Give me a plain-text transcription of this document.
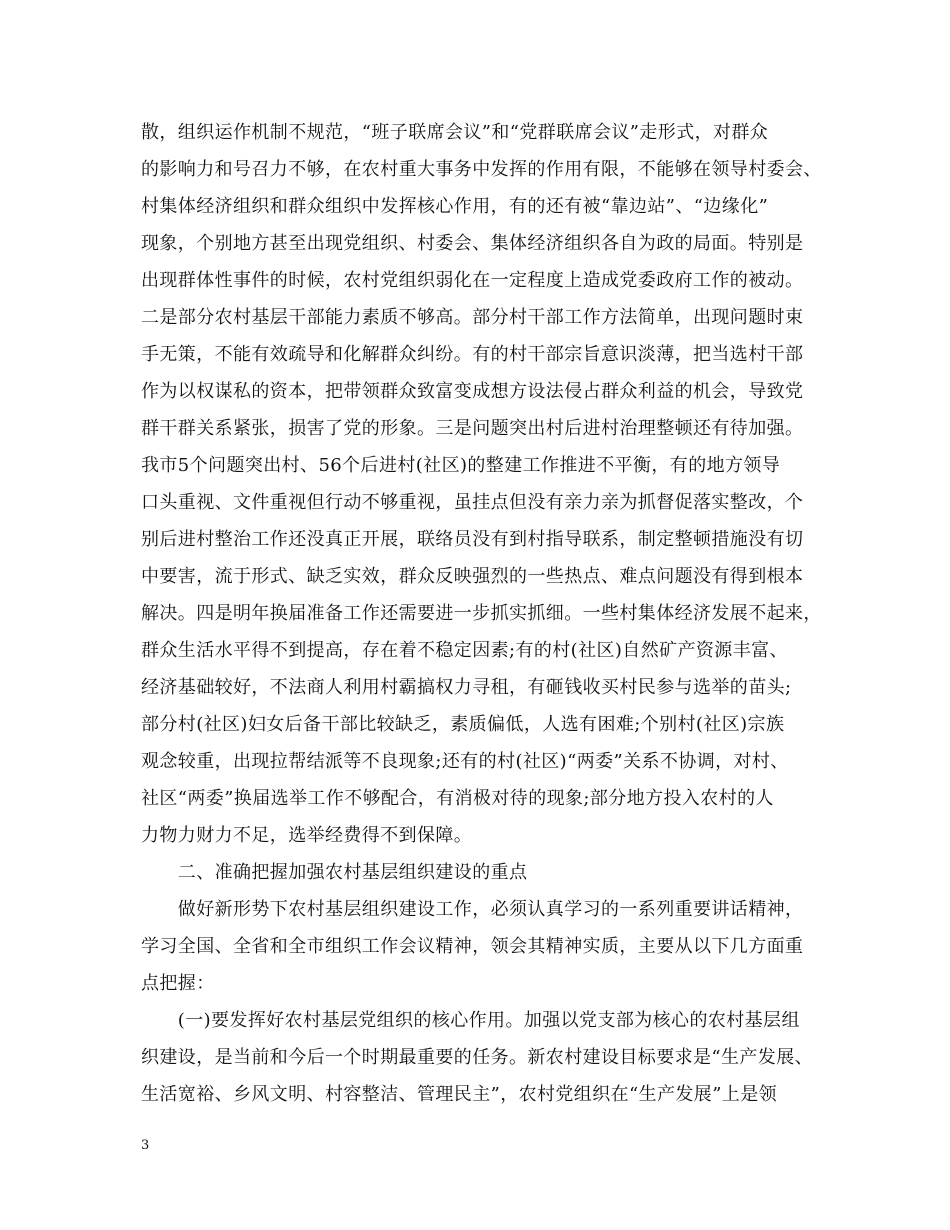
散，组织运作机制不规范，“班子联席会议”和“党群联席会议”走形式，对群众
的影响力和号召力不够，在农村重大事务中发挥的作用有限，不能够在领导村委会、
村集体经济组织和群众组织中发挥核心作用，有的还有被“靠边站”、“边缘化”
现象，个别地方甚至出现党组织、村委会、集体经济组织各自为政的局面。特别是
出现群体性事件的时候，农村党组织弱化在一定程度上造成党委政府工作的被动。
二是部分农村基层干部能力素质不够高。部分村干部工作方法简单，出现问题时束
手无策，不能有效疏导和化解群众纠纷。有的村干部宗旨意识淡薄，把当选村干部
作为以权谋私的资本，把带领群众致富变成想方设法侵占群众利益的机会，导致党
群干群关系紧张，损害了党的形象。三是问题突出村后进村治理整顿还有待加强。
我市5个问题突出村、56个后进村(社区)的整建工作推进不平衡，有的地方领导
口头重视、文件重视但行动不够重视，虽挂点但没有亲力亲为抓督促落实整改，个
别后进村整治工作还没真正开展，联络员没有到村指导联系，制定整顿措施没有切
中要害，流于形式、缺乏实效，群众反映强烈的一些热点、难点问题没有得到根本
解决。四是明年换届准备工作还需要进一步抓实抓细。一些村集体经济发展不起来，
群众生活水平得不到提高，存在着不稳定因素;有的村(社区)自然矿产资源丰富、
经济基础较好，不法商人利用村霸搞权力寻租，有砸钱收买村民参与选举的苗头;
部分村(社区)妇女后备干部比较缺乏，素质偏低，人选有困难;个别村(社区)宗族
观念较重，出现拉帮结派等不良现象;还有的村(社区)“两委”关系不协调，对村、
社区“两委”换届选举工作不够配合，有消极对待的现象;部分地方投入农村的人
力物力财力不足，选举经费得不到保障。
　　二、准确把握加强农村基层组织建设的重点
　　做好新形势下农村基层组织建设工作，必须认真学习的一系列重要讲话精神，
学习全国、全省和全市组织工作会议精神，领会其精神实质，主要从以下几方面重
点把握：
　　(一)要发挥好农村基层党组织的核心作用。加强以党支部为核心的农村基层组
织建设，是当前和今后一个时期最重要的任务。新农村建设目标要求是“生产发展、
生活宽裕、乡风文明、村容整洁、管理民主”，农村党组织在“生产发展”上是领
3
